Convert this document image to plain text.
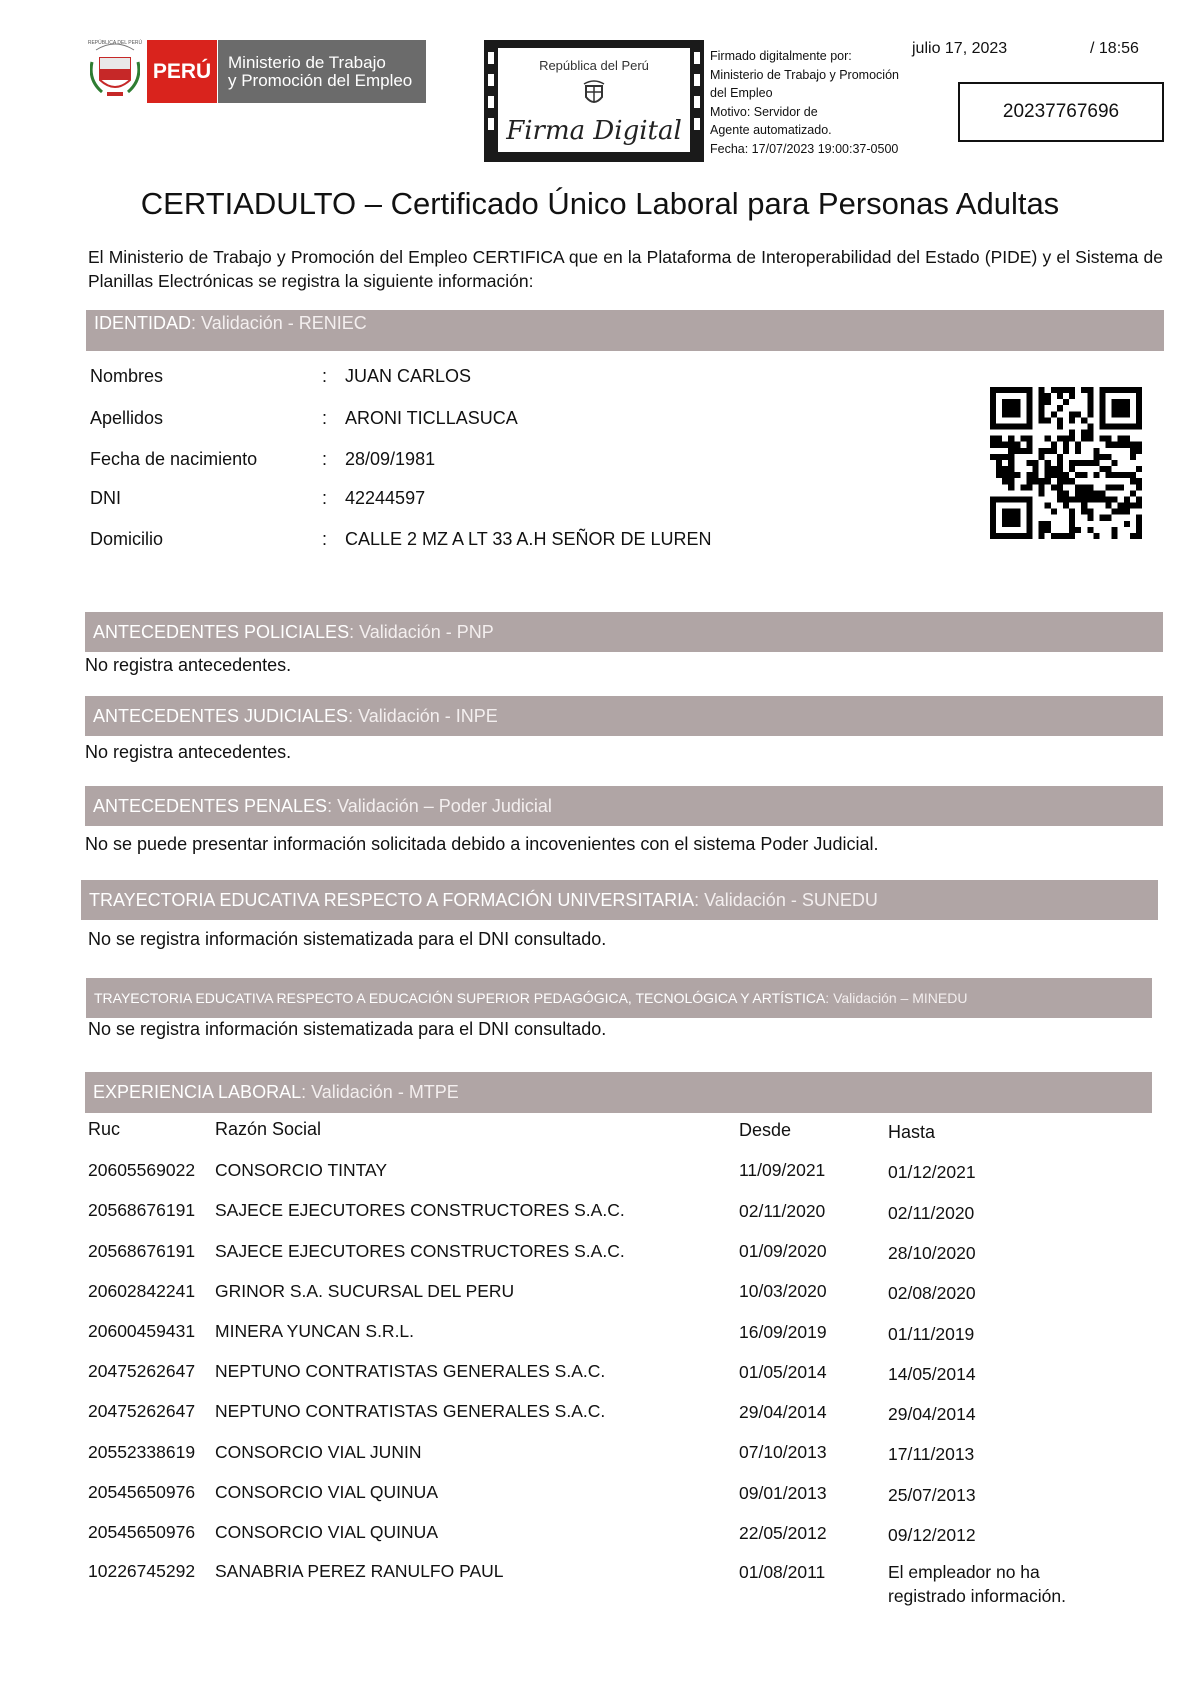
REPÚBLICA DEL PERÚ
PERÚ Ministerio de Trabajo
y Promoción del Empleo
República del Perú
Firma Digital
Firmado digitalmente por:
Ministerio de Trabajo y Promoción
del Empleo
Motivo: Servidor de
Agente automatizado.
Fecha: 17/07/2023 19:00:37-0500
julio 17, 2023	/ 18:56
20237767696
CERTIADULTO – Certificado Único Laboral para Personas Adultas
El Ministerio de Trabajo y Promoción del Empleo CERTIFICA que en la Plataforma de Interoperabilidad del Estado (PIDE) y el Sistema de Planillas Electrónicas se registra la siguiente información:
IDENTIDAD : Validación - RENIEC
Nombres	: JUAN CARLOS
Apellidos	: ARONI TICLLASUCA
Fecha de nacimiento	: 28/09/1981
DNI	: 42244597
Domicilio	: CALLE 2 MZ A LT 33 A.H SEÑOR DE LUREN
ANTECEDENTES POLICIALES : Validación - PNP
No registra antecedentes.
ANTECEDENTES JUDICIALES : Validación - INPE
No registra antecedentes.
ANTECEDENTES PENALES : Validación – Poder Judicial
No se puede presentar información solicitada debido a incovenientes con el sistema Poder Judicial.
TRAYECTORIA EDUCATIVA RESPECTO A FORMACIÓN UNIVERSITARIA : Validación - SUNEDU
No se registra información sistematizada para el DNI consultado.
TRAYECTORIA EDUCATIVA RESPECTO A EDUCACIÓN SUPERIOR PEDAGÓGICA, TECNOLÓGICA Y ARTÍSTICA : Validación – MINEDU
No se registra información sistematizada para el DNI consultado.
EXPERIENCIA LABORAL : Validación - MTPE
Ruc	Razón Social	Desde	Hasta
20605569022 CONSORCIO TINTAY	11/09/2021	01/12/2021
20568676191 SAJECE EJECUTORES CONSTRUCTORES S.A.C.	02/11/2020	02/11/2020
20568676191 SAJECE EJECUTORES CONSTRUCTORES S.A.C.	01/09/2020	28/10/2020
20602842241 GRINOR S.A. SUCURSAL DEL PERU	10/03/2020	02/08/2020
20600459431 MINERA YUNCAN S.R.L.	16/09/2019	01/11/2019
20475262647 NEPTUNO CONTRATISTAS GENERALES S.A.C.	01/05/2014	14/05/2014
20475262647 NEPTUNO CONTRATISTAS GENERALES S.A.C.	29/04/2014	29/04/2014
20552338619 CONSORCIO VIAL JUNIN	07/10/2013	17/11/2013
20545650976 CONSORCIO VIAL QUINUA	09/01/2013	25/07/2013
20545650976 CONSORCIO VIAL QUINUA	22/05/2012	09/12/2012
10226745292 SANABRIA PEREZ RANULFO PAUL	01/08/2011	El empleador no ha registrado información.
